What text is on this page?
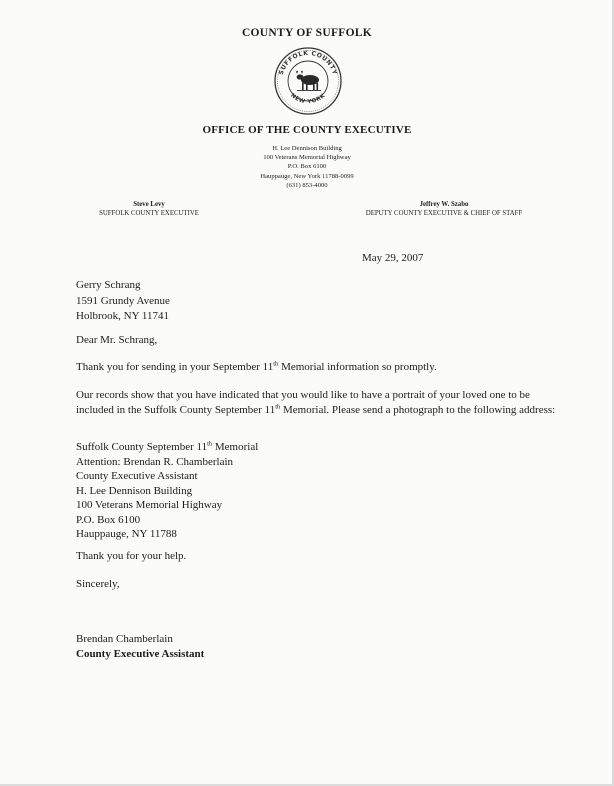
COUNTY OF SUFFOLK
SUFFOLK COUNTY
NEW YORK
OFFICE OF THE COUNTY EXECUTIVE
H. Lee Dennison Building
100 Veterans Memorial Highway
P.O. Box 6100
Hauppauge, New York 11788-0099
(631) 853-4000
Steve Levy
SUFFOLK COUNTY EXECUTIVE
Jeffrey W. Szabo
DEPUTY COUNTY EXECUTIVE & CHIEF OF STAFF
May 29, 2007
Gerry Schrang
1591 Grundy Avenue
Holbrook, NY 11741
Dear Mr. Schrang,
Thank you for sending in your September 11th Memorial information so promptly.
Our records show that you have indicated that you would like to have a portrait of your loved one to be included in the Suffolk County September 11th Memorial. Please send a photograph to the following address:
Suffolk County September 11th Memorial
Attention: Brendan R. Chamberlain
County Executive Assistant
H. Lee Dennison Building
100 Veterans Memorial Highway
P.O. Box 6100
Hauppauge, NY 11788
Thank you for your help.
Sincerely,
Brendan Chamberlain
County Executive Assistant
